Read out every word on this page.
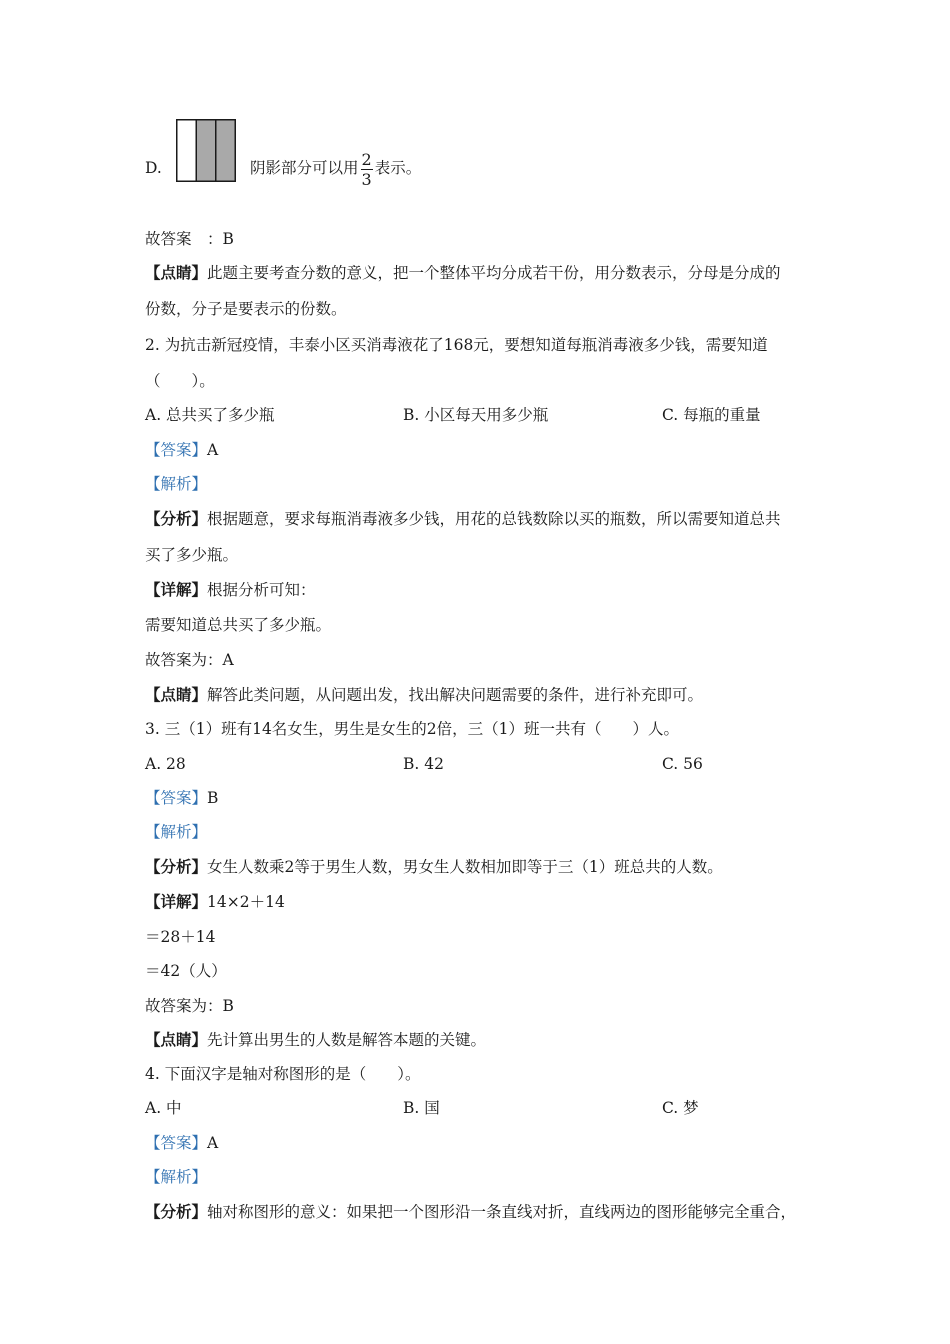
D.	阴影部分可以用 $\frac{2}{3}$ 表示。
故答案　：B
【点睛】此题主要考查分数的意义，把一个整体平均分成若干份，用分数表示，分母是分成的
份数，分子是要表示的份数。
2. 为抗击新冠疫情，丰泰小区买消毒液花了168元，要想知道每瓶消毒液多少钱，需要知道
（　　）。
A. 总共买了多少瓶	B. 小区每天用多少瓶	C. 每瓶的重量
【答案】A
【解析】
【分析】根据题意，要求每瓶消毒液多少钱，用花的总钱数除以买的瓶数，所以需要知道总共
买了多少瓶。
【详解】根据分析可知：
需要知道总共买了多少瓶。
故答案为：A
【点睛】解答此类问题，从问题出发，找出解决问题需要的条件，进行补充即可。
3. 三（1）班有14名女生，男生是女生的2倍，三（1）班一共有（　　）人。
A. 28	B. 42	C. 56
【答案】B
【解析】
【分析】女生人数乘2等于男生人数，男女生人数相加即等于三（1）班总共的人数。
【详解】14×2＋14
＝28＋14
＝42（人）
故答案为：B
【点睛】先计算出男生的人数是解答本题的关键。
4. 下面汉字是轴对称图形的是（　　）。
A. 中	B. 国	C. 梦
【答案】A
【解析】
【分析】轴对称图形的意义：如果把一个图形沿一条直线对折，直线两边的图形能够完全重合，
